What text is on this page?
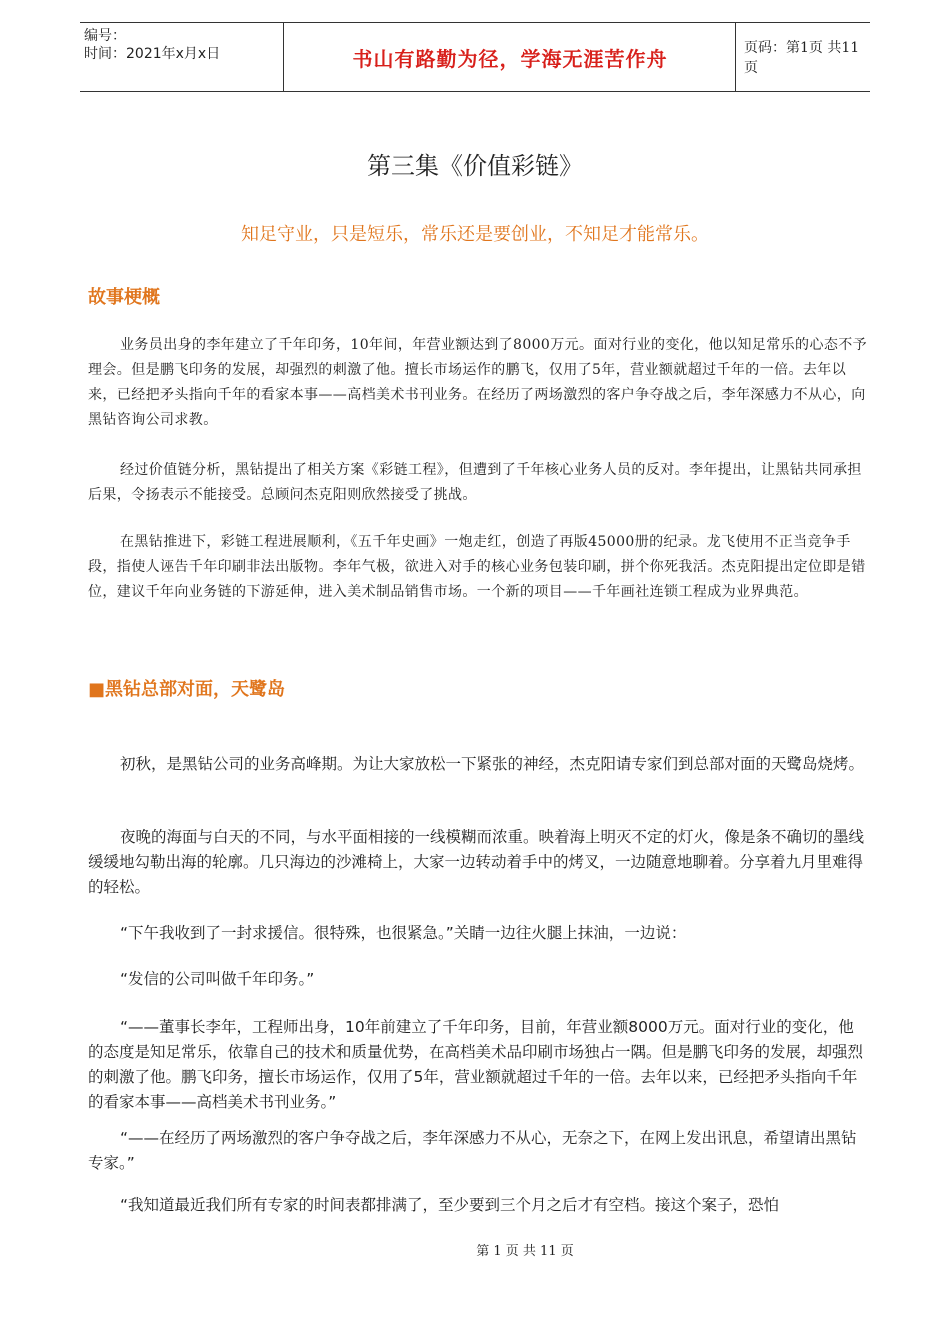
编号：
时间：2021年x月x日	书山有路勤为径，学海无涯苦作舟	页码：第1页 共11页
第三集《价值彩链》
知足守业，只是短乐，常乐还是要创业，不知足才能常乐。
故事梗概

业务员出身的李年建立了千年印务，10年间，年营业额达到了8000万元。面对行业的变化，他以知足常乐的心态不予理会。但是鹏飞印务的发展，却强烈的刺激了他。擅长市场运作的鹏飞，仅用了5年，营业额就超过千年的一倍。去年以来，已经把矛头指向千年的看家本事——高档美术书刊业务。在经历了两场激烈的客户争夺战之后，李年深感力不从心，向黑钻咨询公司求教。

经过价值链分析，黑钻提出了相关方案《彩链工程》，但遭到了千年核心业务人员的反对。李年提出，让黑钻共同承担后果，令扬表示不能接受。总顾问杰克阳则欣然接受了挑战。

在黑钻推进下，彩链工程进展顺利，《五千年史画》一炮走红，创造了再版45000册的纪录。龙飞使用不正当竞争手段，指使人诬告千年印刷非法出版物。李年气极，欲进入对手的核心业务包装印刷，拼个你死我活。杰克阳提出定位即是错位，建议千年向业务链的下游延伸，进入美术制品销售市场。一个新的项目——千年画社连锁工程成为业界典范。

■黑钻总部对面，天鹭岛

初秋，是黑钻公司的业务高峰期。为让大家放松一下紧张的神经，杰克阳请专家们到总部对面的天鹭岛烧烤。

夜晚的海面与白天的不同，与水平面相接的一线模糊而浓重。映着海上明灭不定的灯火，像是条不确切的墨线缓缓地勾勒出海的轮廓。几只海边的沙滩椅上，大家一边转动着手中的烤叉，一边随意地聊着。分享着九月里难得的轻松。

“下午我收到了一封求援信。很特殊，也很紧急。”关睛一边往火腿上抹油，一边说：

“发信的公司叫做千年印务。”

“——董事长李年，工程师出身，10年前建立了千年印务，目前，年营业额8000万元。面对行业的变化，他的态度是知足常乐，依靠自己的技术和质量优势，在高档美术品印刷市场独占一隅。但是鹏飞印务的发展，却强烈的刺激了他。鹏飞印务，擅长市场运作，仅用了5年，营业额就超过千年的一倍。去年以来，已经把矛头指向千年的看家本事——高档美术书刊业务。”

“——在经历了两场激烈的客户争夺战之后，李年深感力不从心，无奈之下，在网上发出讯息，希望请出黑钻专家。”

“我知道最近我们所有专家的时间表都排满了，至少要到三个月之后才有空档。接这个案子，恐怕

第 1 页 共 11 页
